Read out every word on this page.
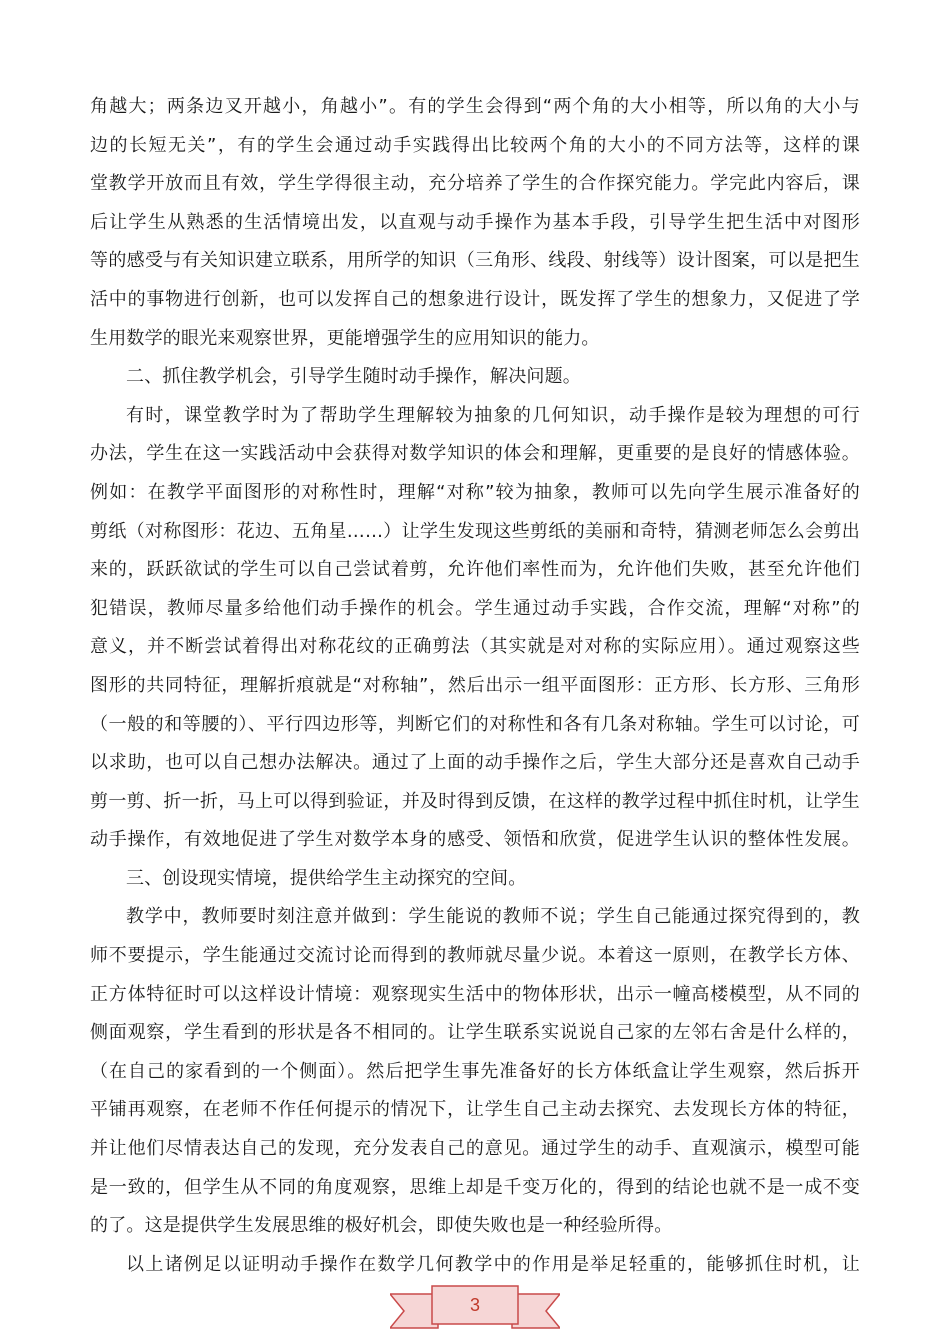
角越大；两条边叉开越小，角越小”。有的学生会得到“两个角的大小相等，所以角的大小与
边的长短无关”，有的学生会通过动手实践得出比较两个角的大小的不同方法等，这样的课
堂教学开放而且有效，学生学得很主动，充分培养了学生的合作探究能力。学完此内容后，课
后让学生从熟悉的生活情境出发，以直观与动手操作为基本手段，引导学生把生活中对图形
等的感受与有关知识建立联系，用所学的知识（三角形、线段、射线等）设计图案，可以是把生
活中的事物进行创新，也可以发挥自己的想象进行设计，既发挥了学生的想象力，又促进了学
生用数学的眼光来观察世界，更能增强学生的应用知识的能力。
二、抓住教学机会，引导学生随时动手操作，解决问题。
有时，课堂教学时为了帮助学生理解较为抽象的几何知识，动手操作是较为理想的可行
办法，学生在这一实践活动中会获得对数学知识的体会和理解，更重要的是良好的情感体验。
例如：在教学平面图形的对称性时，理解“对称”较为抽象，教师可以先向学生展示准备好的
剪纸（对称图形：花边、五角星……）让学生发现这些剪纸的美丽和奇特，猜测老师怎么会剪出
来的，跃跃欲试的学生可以自己尝试着剪，允许他们率性而为，允许他们失败，甚至允许他们
犯错误，教师尽量多给他们动手操作的机会。学生通过动手实践，合作交流，理解“对称”的
意义，并不断尝试着得出对称花纹的正确剪法（其实就是对对称的实际应用）。通过观察这些
图形的共同特征，理解折痕就是“对称轴”，然后出示一组平面图形：正方形、长方形、三角形
（一般的和等腰的）、平行四边形等，判断它们的对称性和各有几条对称轴。学生可以讨论，可
以求助，也可以自己想办法解决。通过了上面的动手操作之后，学生大部分还是喜欢自己动手
剪一剪、折一折，马上可以得到验证，并及时得到反馈，在这样的教学过程中抓住时机，让学生
动手操作，有效地促进了学生对数学本身的感受、领悟和欣赏，促进学生认识的整体性发展。
三、创设现实情境，提供给学生主动探究的空间。
教学中，教师要时刻注意并做到：学生能说的教师不说；学生自己能通过探究得到的，教
师不要提示，学生能通过交流讨论而得到的教师就尽量少说。本着这一原则，在教学长方体、
正方体特征时可以这样设计情境：观察现实生活中的物体形状，出示一幢高楼模型，从不同的
侧面观察，学生看到的形状是各不相同的。让学生联系实说说自己家的左邻右舍是什么样的，
（在自己的家看到的一个侧面）。然后把学生事先准备好的长方体纸盒让学生观察，然后拆开
平铺再观察，在老师不作任何提示的情况下，让学生自己主动去探究、去发现长方体的特征，
并让他们尽情表达自己的发现，充分发表自己的意见。通过学生的动手、直观演示，模型可能
是一致的，但学生从不同的角度观察，思维上却是千变万化的，得到的结论也就不是一成不变
的了。这是提供学生发展思维的极好机会，即使失败也是一种经验所得。
以上诸例足以证明动手操作在数学几何教学中的作用是举足轻重的，能够抓住时机，让
3
